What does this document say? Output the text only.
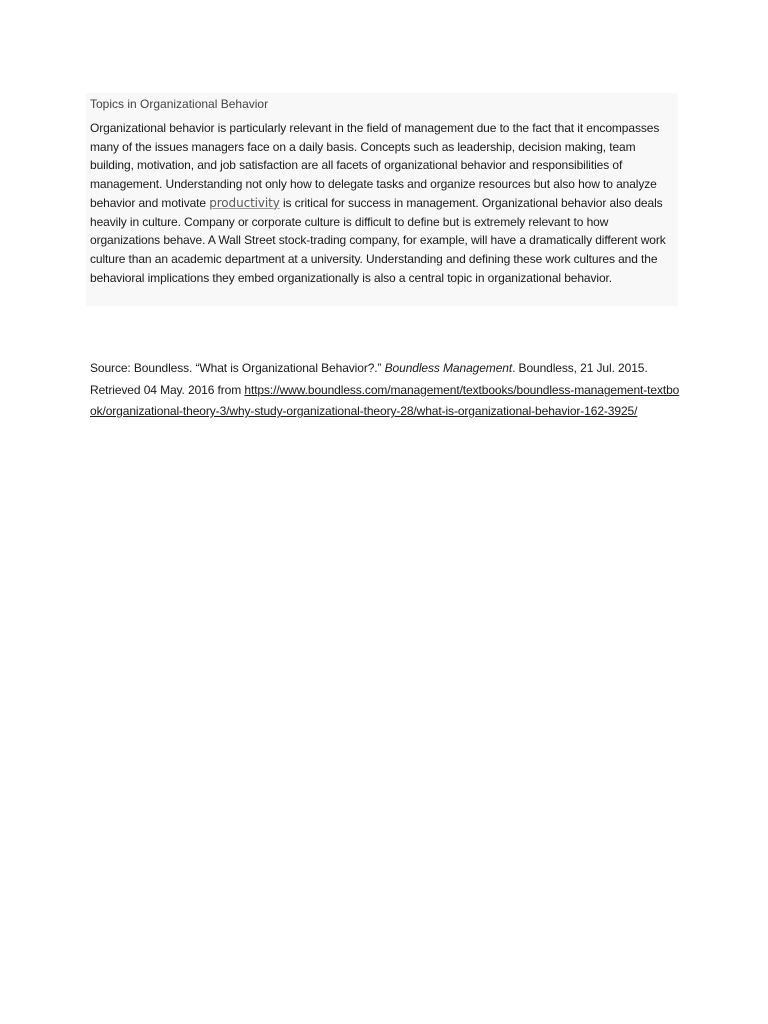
Topics in Organizational Behavior

Organizational behavior is particularly relevant in the field of management due to the fact that it encompasses many of the issues managers face on a daily basis. Concepts such as leadership, decision making, team building, motivation, and job satisfaction are all facets of organizational behavior and responsibilities of management. Understanding not only how to delegate tasks and organize resources but also how to analyze behavior and motivate productivity is critical for success in management. Organizational behavior also deals heavily in culture. Company or corporate culture is difficult to define but is extremely relevant to how organizations behave. A Wall Street stock-trading company, for example, will have a dramatically different work culture than an academic department at a university. Understanding and defining these work cultures and the behavioral implications they embed organizationally is also a central topic in organizational behavior.

Source: Boundless. “What is Organizational Behavior?.” Boundless Management. Boundless, 21 Jul. 2015. Retrieved 04 May. 2016 from https://www.boundless.com/management/textbooks/boundless-management-textbook/organizational-theory-3/why-study-organizational-theory-28/what-is-organizational-behavior-162-3925/
